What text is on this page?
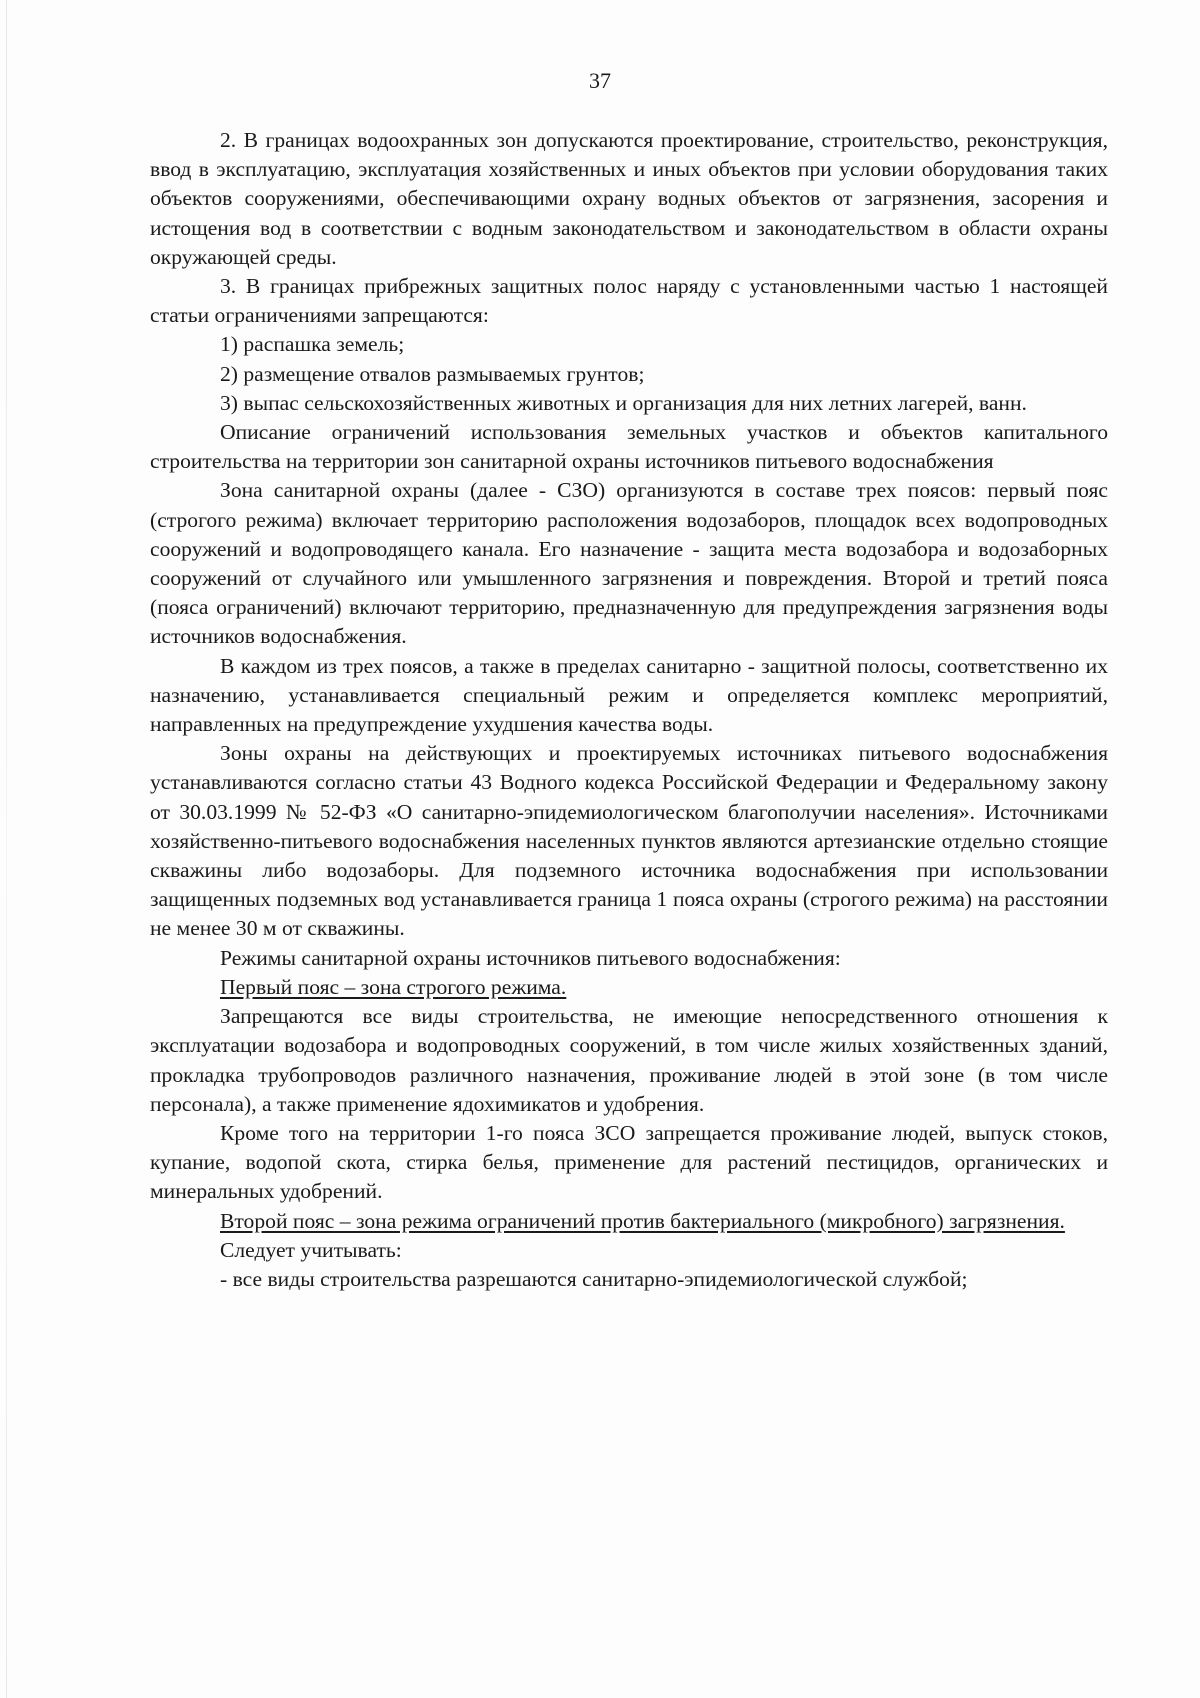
37

2. В границах водоохранных зон допускаются проектирование, строительство, реконструкция, ввод в эксплуатацию, эксплуатация хозяйственных и иных объектов при условии оборудования таких объектов сооружениями, обеспечивающими охрану водных объектов от загрязнения, засорения и истощения вод в соответствии с водным законодательством и законодательством в области охраны окружающей среды.

3. В границах прибрежных защитных полос наряду с установленными частью 1 настоящей статьи ограничениями запрещаются:

1) распашка земель;

2) размещение отвалов размываемых грунтов;

3) выпас сельскохозяйственных животных и организация для них летних лагерей, ванн.

Описание ограничений использования земельных участков и объектов капитального строительства на территории зон санитарной охраны источников питьевого водоснабжения

Зона санитарной охраны (далее - СЗО) организуются в составе трех поясов: первый пояс (строгого режима) включает территорию расположения водозаборов, площадок всех водопроводных сооружений и водопроводящего канала. Его назначение - защита места водозабора и водозаборных сооружений от случайного или умышленного загрязнения и повреждения. Второй и третий пояса (пояса ограничений) включают территорию, предназначенную для предупреждения загрязнения воды источников водоснабжения.

В каждом из трех поясов, а также в пределах санитарно - защитной полосы, соответственно их назначению, устанавливается специальный режим и определяется комплекс мероприятий, направленных на предупреждение ухудшения качества воды.

Зоны охраны на действующих и проектируемых источниках питьевого водоснабжения устанавливаются согласно статьи 43 Водного кодекса Российской Федерации и Федеральному закону от 30.03.1999 № 52-ФЗ «О санитарно-эпидемиологическом благополучии населения». Источниками хозяйственно-питьевого водоснабжения населенных пунктов являются артезианские отдельно стоящие скважины либо водозаборы. Для подземного источника водоснабжения при использовании защищенных подземных вод устанавливается граница 1 пояса охраны (строгого режима) на расстоянии не менее 30 м от скважины.

Режимы санитарной охраны источников питьевого водоснабжения:

Первый пояс – зона строгого режима.

Запрещаются все виды строительства, не имеющие непосредственного отношения к эксплуатации водозабора и водопроводных сооружений, в том числе жилых хозяйственных зданий, прокладка трубопроводов различного назначения, проживание людей в этой зоне (в том числе персонала), а также применение ядохимикатов и удобрения.

Кроме того на территории 1-го пояса ЗСО запрещается проживание людей, выпуск стоков, купание, водопой скота, стирка белья, применение для растений пестицидов, органических и минеральных удобрений.

Второй пояс – зона режима ограничений против бактериального (микробного) загрязнения.

Следует учитывать:

- все виды строительства разрешаются санитарно-эпидемиологической службой;
